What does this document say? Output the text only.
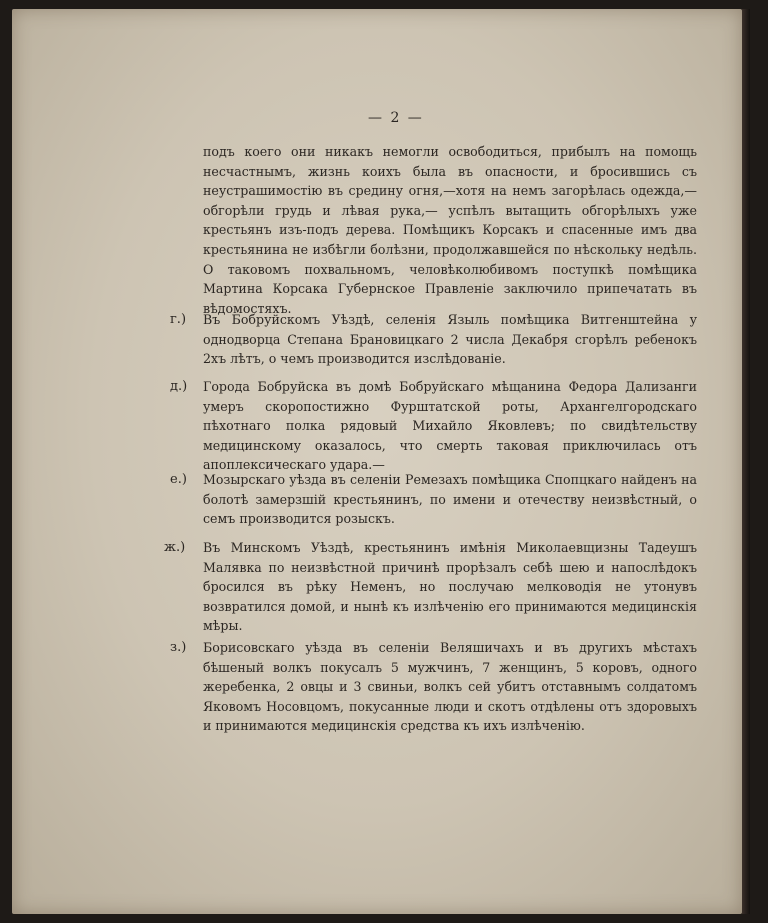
— 2 —

подъ коего они никакъ немогли освободиться, прибылъ на помощь несчастнымъ, жизнь коихъ была въ опасности, и бросившись съ неустрашимостію въ средину огня,—хотя на немъ загорѣлась одежда,— обгорѣли грудь и лѣвая рука,— успѣлъ вытащить обгорѣлыхъ уже крестьянъ изъ-подъ дерева. Помѣщикъ Корсакъ и спасенные имъ два крестьянина не избѣгли болѣзни, продолжавшейся по нѣскольку недѣль. О таковомъ похвальномъ, человѣколюбивомъ поступкѣ помѣщика Мартина Корсака Губернское Правленіе заключило припечатать въ вѣдомостяхъ.

г.) Въ Бобруйскомъ Уѣздѣ, селенія Языль помѣщика Витгенштейна у однодворца Степана Брановицкаго 2 числа Декабря сгорѣлъ ребенокъ 2хъ лѣтъ, о чемъ производится изслѣдованіе.

д.) Города Бобруйска въ домѣ Бобруйскаго мѣщанина Федора Дализанги умеръ скоропостижно Фурштатской роты, Архангелгородскаго пѣхотнаго полка рядовый Михайло Яковлевъ; по свидѣтельству медицинскому оказалось, что смерть таковая приключилась отъ апоплексическаго удара.—

е.) Мозырскаго уѣзда въ селеніи Ремезахъ помѣщика Спопцкаго найденъ на болотѣ замерзшій крестьянинъ, по имени и отечеству неизвѣстный, о семъ производится розыскъ.

ж.) Въ Минскомъ Уѣздѣ, крестьянинъ имѣнія Миколаевщизны Тадеушъ Малявка по неизвѣстной причинѣ прорѣзалъ себѣ шею и напослѣдокъ бросился въ рѣку Неменъ, но послучаю мелководія не утонувъ возвратился домой, и нынѣ къ излѣченію его принимаются медицинскія мѣры.

з.) Борисовскаго уѣзда въ селеніи Веляшичахъ и въ другихъ мѣстахъ бѣшеный волкъ покусалъ 5 мужчинъ, 7 женщинъ, 5 коровъ, одного жеребенка, 2 овцы и 3 свиньи, волкъ сей убитъ отставнымъ солдатомъ Яковомъ Носовцомъ, покусанные люди и скотъ отдѣлены отъ здоровыхъ и принимаются медицинскія средства къ ихъ излѣченію.
